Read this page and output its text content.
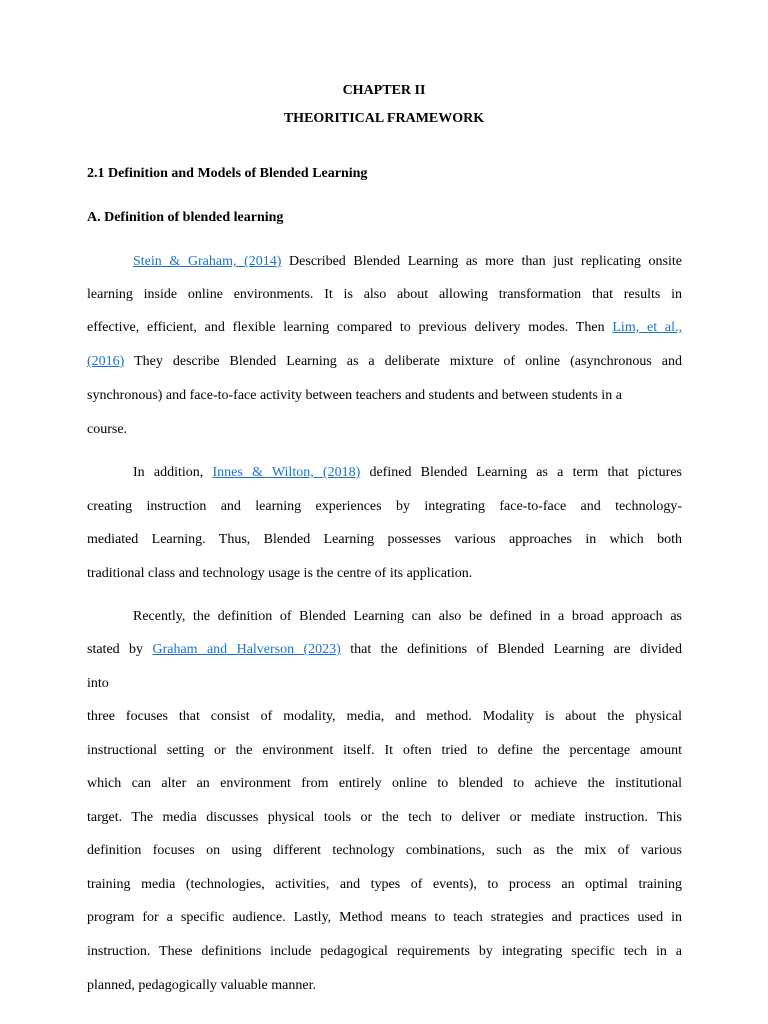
CHAPTER II
THEORITICAL FRAMEWORK
2.1 Definition and Models of Blended Learning
A. Definition of blended learning
Stein & Graham, (2014) Described Blended Learning as more than just replicating onsite
learning inside online environments. It is also about allowing transformation that results in
effective, efficient, and flexible learning compared to previous delivery modes. Then Lim, et al.,
(2016) They describe Blended Learning as a deliberate mixture of online (asynchronous and
synchronous) and face-to-face activity between teachers and students and between students in a
course.
In addition, Innes & Wilton, (2018) defined Blended Learning as a term that pictures
creating instruction and learning experiences by integrating face-to-face and technology-
mediated Learning. Thus, Blended Learning possesses various approaches in which both
traditional class and technology usage is the centre of its application.
Recently, the definition of Blended Learning can also be defined in a broad approach as
stated by Graham and Halverson (2023) that the definitions of Blended Learning are divided
into
three focuses that consist of modality, media, and method. Modality is about the physical
instructional setting or the environment itself. It often tried to define the percentage amount
which can alter an environment from entirely online to blended to achieve the institutional
target. The media discusses physical tools or the tech to deliver or mediate instruction. This
definition focuses on using different technology combinations, such as the mix of various
training media (technologies, activities, and types of events), to process an optimal training
program for a specific audience. Lastly, Method means to teach strategies and practices used in
instruction. These definitions include pedagogical requirements by integrating specific tech in a
planned, pedagogically valuable manner.
